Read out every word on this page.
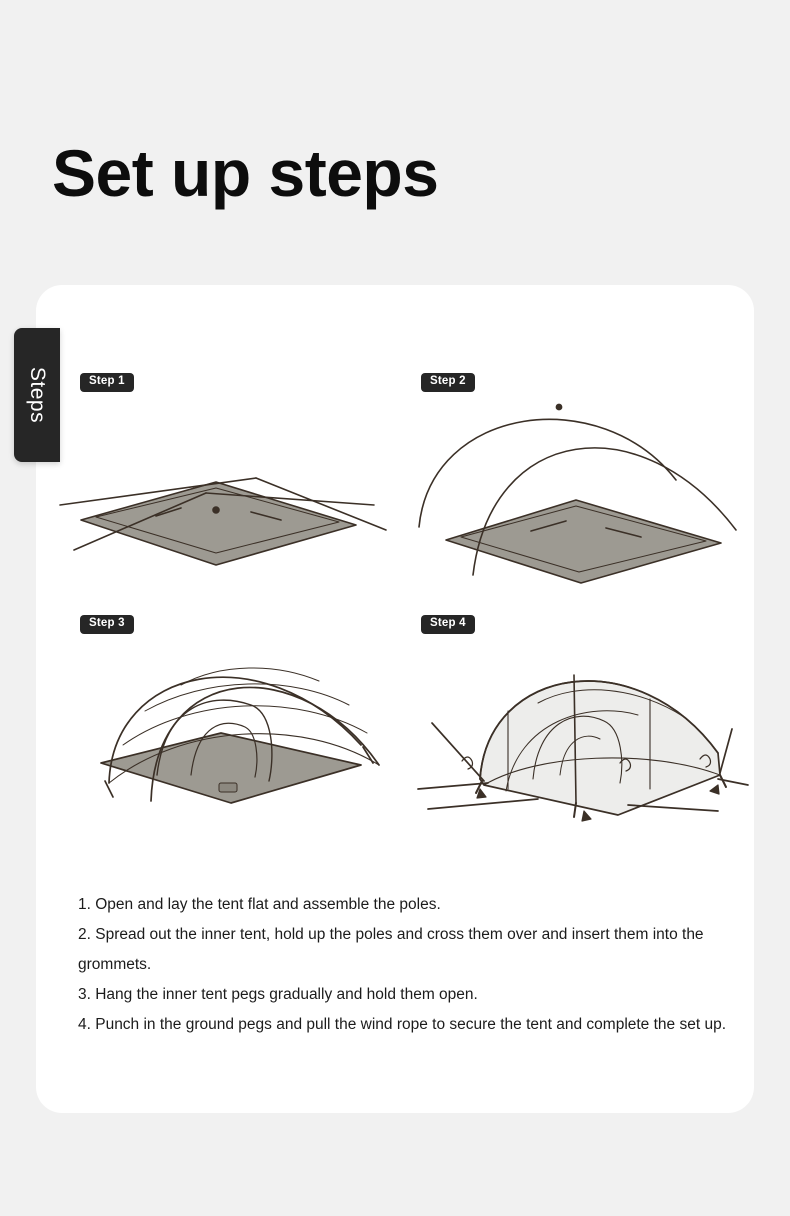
Set up steps
Step 1	Step 2
Step 3	Step 4
Steps

1. Open and lay the tent flat and assemble the poles.

2. Spread out the inner tent, hold up the poles and cross them over and insert them into the grommets.

3. Hang the inner tent pegs gradually and hold them open.

4. Punch in the ground pegs and pull the wind rope to secure the tent and complete the set up.
